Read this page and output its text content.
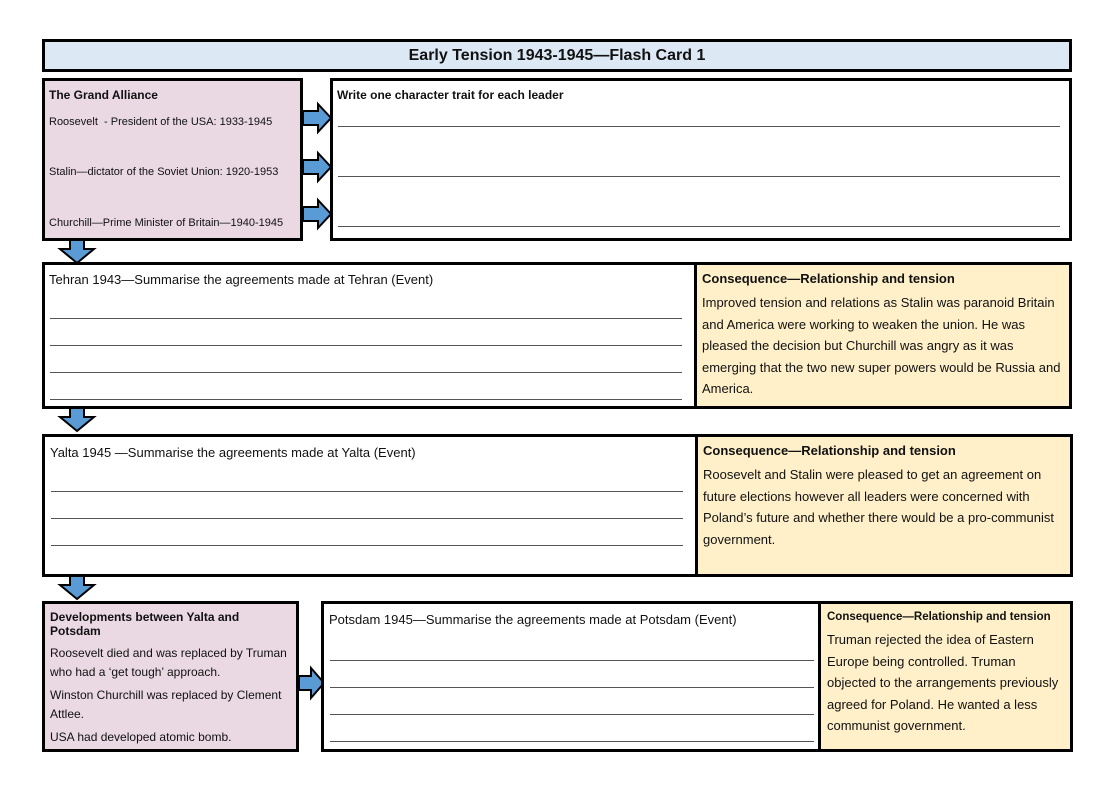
Early Tension 1943-1945—Flash Card 1
The Grand Alliance
Roosevelt  - President of the USA: 1933-1945
Stalin—dictator of the Soviet Union: 1920-1953
Churchill—Prime Minister of Britain—1940-1945
Write one character trait for each leader
Tehran 1943—Summarise the agreements made at Tehran (Event)	Consequence—Relationship and tension
Improved tension and relations as Stalin was paranoid Britain and America were working to weaken the union. He was pleased the decision but Churchill was angry as it was emerging that the two new super powers would be Russia and America.
Yalta 1945 —Summarise the agreements made at Yalta (Event)	Consequence—Relationship and tension
Roosevelt and Stalin were pleased to get an agreement on future elections however all leaders were concerned with Poland’s future and whether there would be a pro-communist government.
Developments between Yalta and Potsdam
Roosevelt died and was replaced by Truman who had a ‘get tough’ approach.
Winston Churchill was replaced by Clement Attlee.
USA had developed atomic bomb.
Potsdam 1945—Summarise the agreements made at Potsdam (Event)	Consequence—Relationship and tension
Truman rejected the idea of Eastern Europe being controlled. Truman objected to the arrangements previously agreed for Poland. He wanted a less communist government.
